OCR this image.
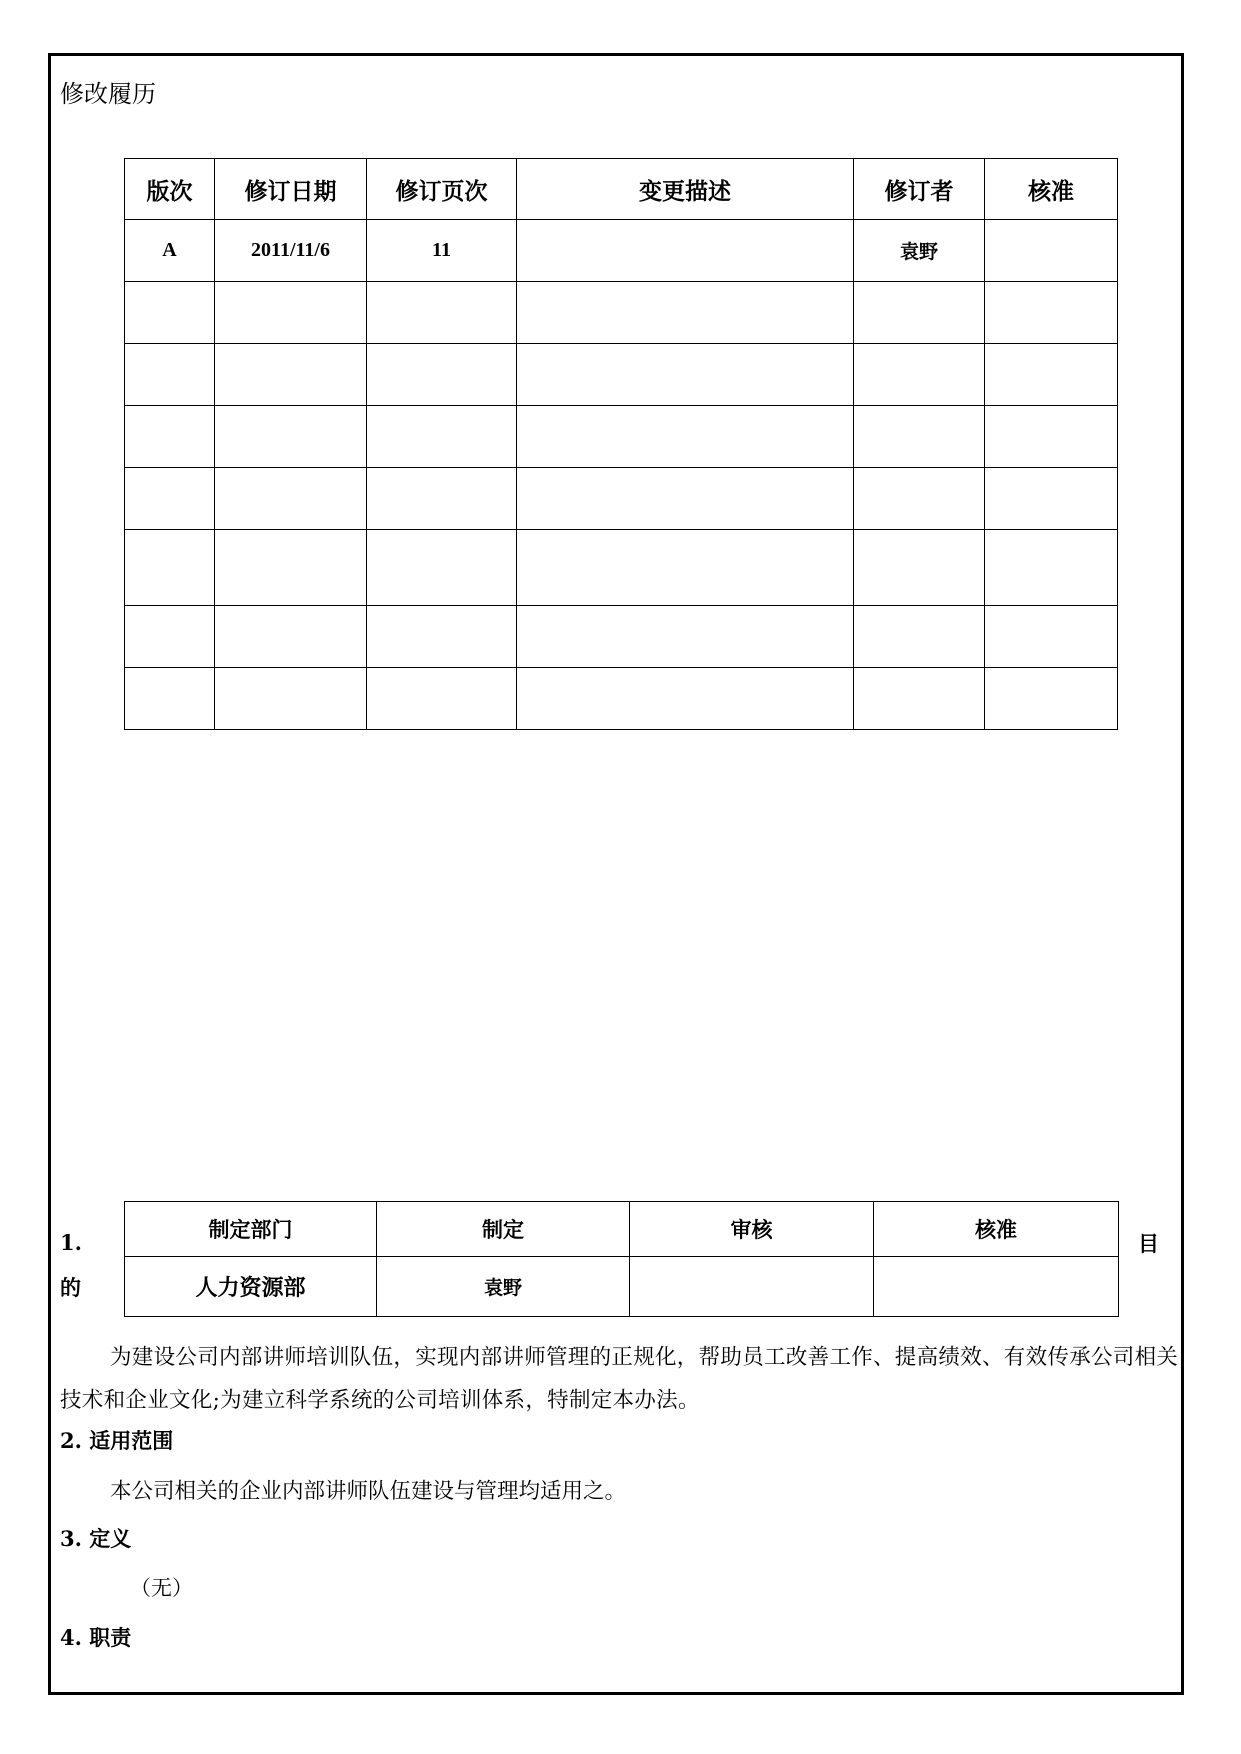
修改履历
版次	修订日期	修订页次	变更描述	修订者	核准
A	2011/11/6	11		袁野	

1.
的
目
制定部门	制定	审核	核准
人力资源部	袁野		
为建设公司内部讲师培训队伍，实现内部讲师管理的正规化，帮助员工改善工作、提高绩效、有效传承公司相关技术和企业文化;为建立科学系统的公司培训体系，特制定本办法。
2. 适用范围
本公司相关的企业内部讲师队伍建设与管理均适用之。
3. 定义
（无）
4. 职责
